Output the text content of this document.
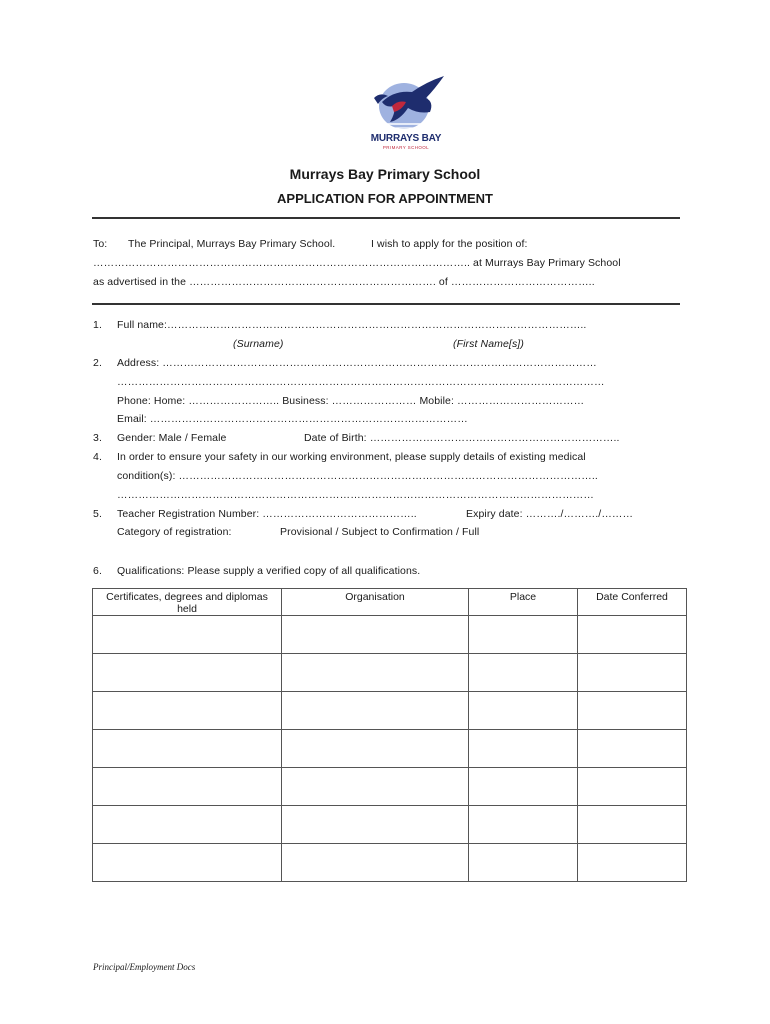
MURRAYS BAY
PRIMARY SCHOOL
Murrays Bay Primary School
APPLICATION FOR APPOINTMENT
To: The Principal, Murrays Bay Primary School.	I wish to apply for the position of:
…………………………………………………………………………………………….. at Murrays Bay Primary School
as advertised in the ……………………………………………………………. of …………………………………..
1. Full name:………………………………………………………………………………………………………..
(Surname)	(First Name[s])
2. Address: ……………………………………………………………………………………………………………
…………………………………………………………………………………………………………………………
Phone: Home: …………………….. Business: …………………… Mobile: ………………………………
Email: ………………………………………………………………………………
3. Gender: Male / Female	Date of Birth: ……………………………………………………………..
4. In order to ensure your safety in our working environment, please supply details of existing medical
condition(s): ………………………………………………………………………………………………………..
………………………………………………………………………………………………………………………
5. Teacher Registration Number: ……………………………………..	Expiry date: ………./………./………
Category of registration:	Provisional / Subject to Confirmation / Full
6. Qualifications: Please supply a verified copy of all qualifications.
Certificates, degrees and diplomas held	Organisation	Place	Date Conferred

Principal/Employment Docs
